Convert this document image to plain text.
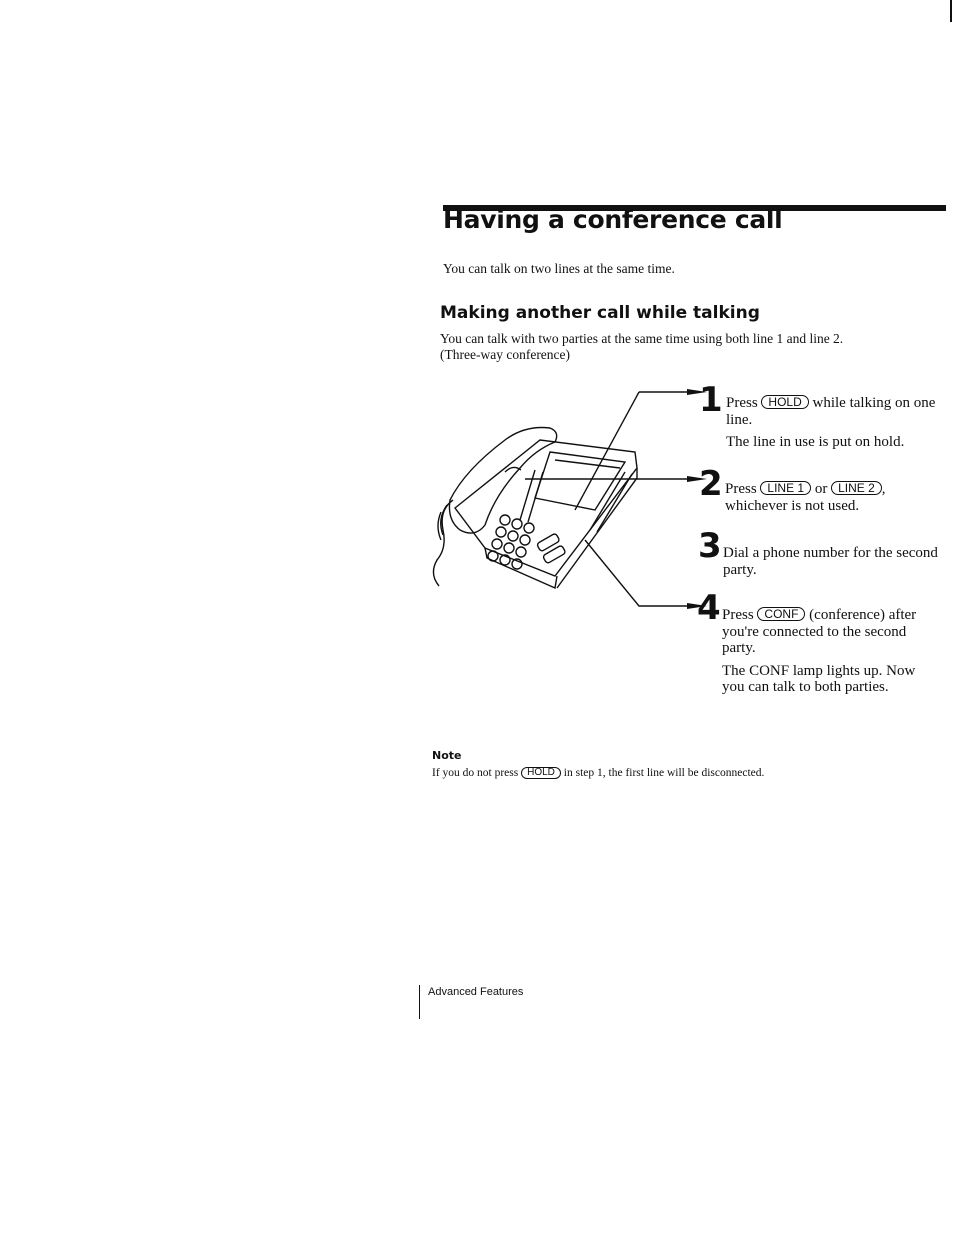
Having a conference call
You can talk on two lines at the same time.
Making another call while talking
You can talk with two parties at the same time using both line 1 and line 2. (Three-way conference)
1 Press HOLD while talking on one line.

The line in use is put on hold.

2 Press LINE 1 or LINE 2 , whichever is not used.

3 Dial a phone number for the second party.
4 Press CONF (conference) after you're connected to the second party.

The CONF lamp lights up. Now you can talk to both parties.

Note
If you do not press HOLD in step 1, the first line will be disconnected.
Advanced Features
